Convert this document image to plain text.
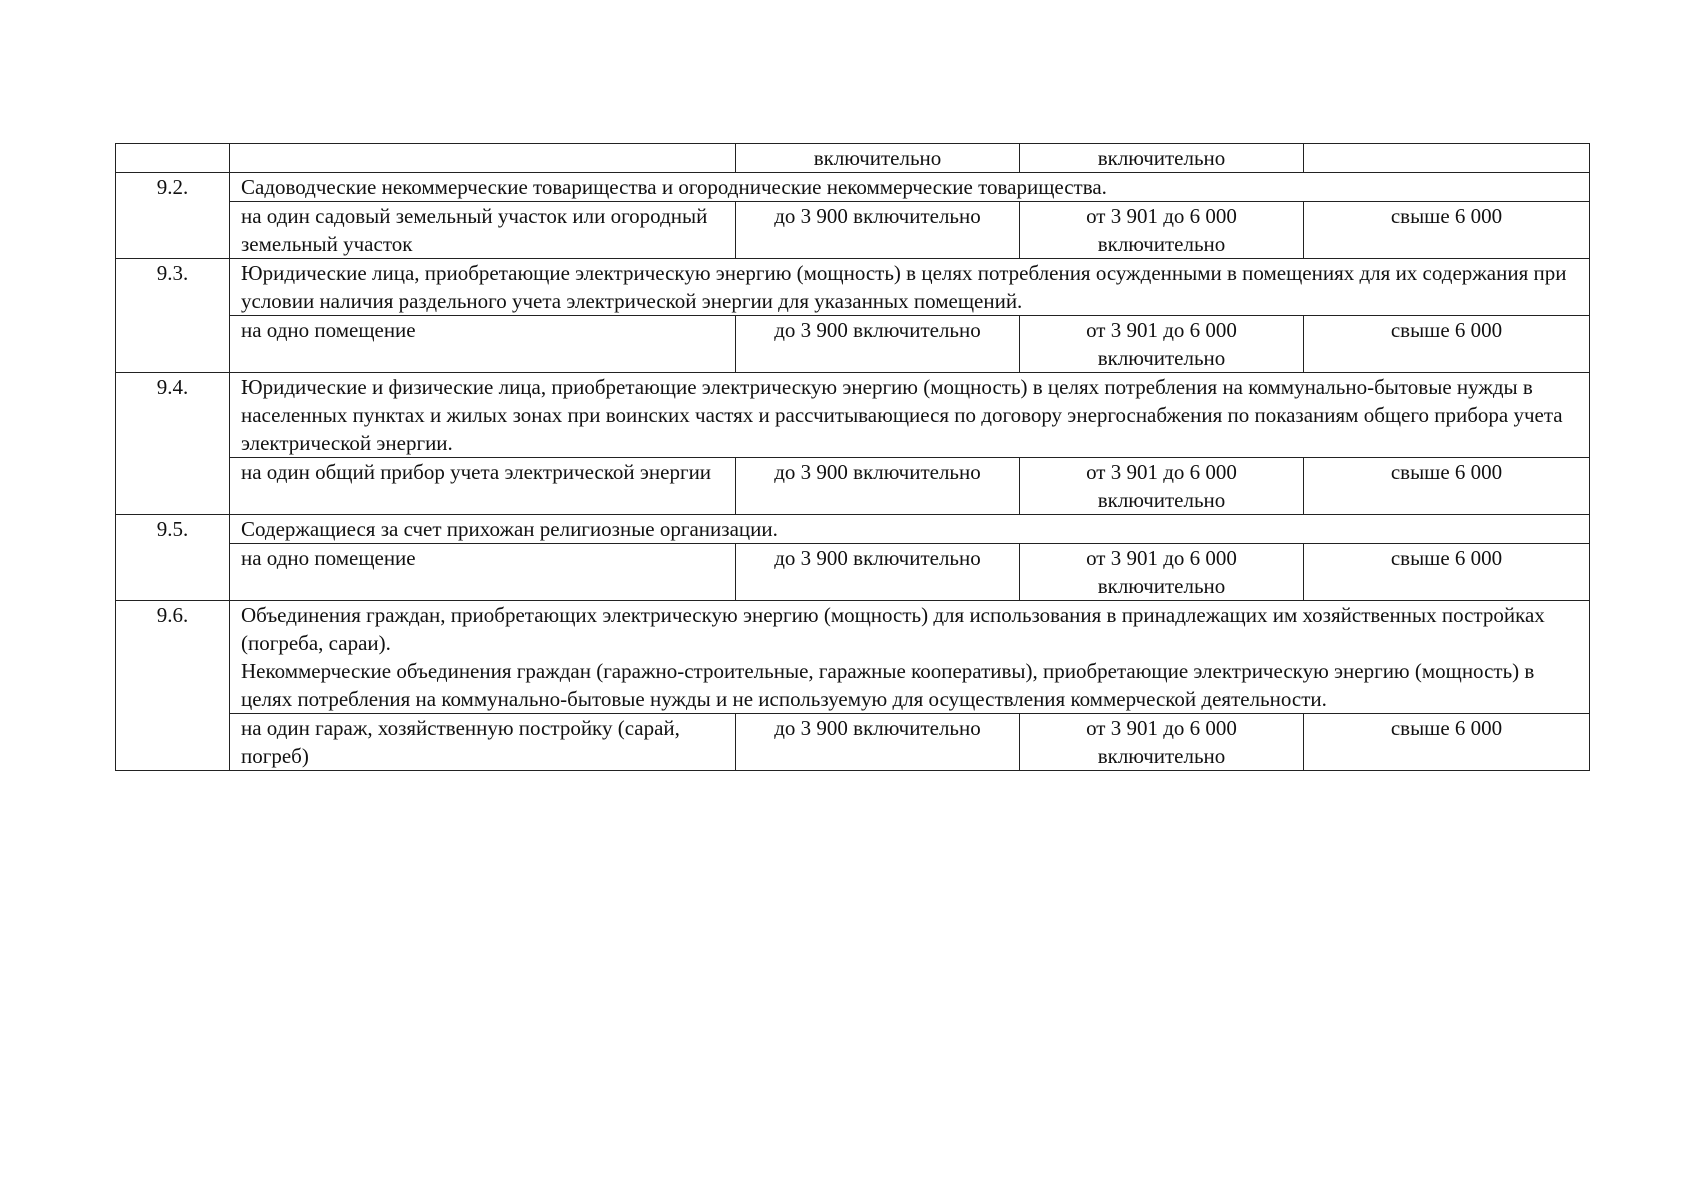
		включительно	включительно	
9.2.	Садоводческие некоммерческие товарищества и огороднические некоммерческие товарищества.			
	на один садовый земельный участок или огородный земельный участок	до 3 900 включительно	от 3 901 до 6 000 включительно	свыше 6 000
9.3.	Юридические лица, приобретающие электрическую энергию (мощность) в целях потребления осужденными в помещениях для их содержания при условии наличия раздельного учета электрической энергии для указанных помещений.			
	на одно помещение	до 3 900 включительно	от 3 901 до 6 000 включительно	свыше 6 000
9.4.	Юридические и физические лица, приобретающие электрическую энергию (мощность) в целях потребления на коммунально-бытовые нужды в населенных пунктах и жилых зонах при воинских частях и рассчитывающиеся по договору энергоснабжения по показаниям общего прибора учета электрической энергии.			
	на один общий прибор учета электрической энергии	до 3 900 включительно	от 3 901 до 6 000 включительно	свыше 6 000
9.5.	Содержащиеся за счет прихожан религиозные организации.			
	на одно помещение	до 3 900 включительно	от 3 901 до 6 000 включительно	свыше 6 000
9.6.	Объединения граждан, приобретающих электрическую энергию (мощность) для использования в принадлежащих им хозяйственных постройках (погреба, сараи).
Некоммерческие объединения граждан (гаражно-строительные, гаражные кооперативы), приобретающие электрическую энергию (мощность) в целях потребления на коммунально-бытовые нужды и не используемую для осуществления коммерческой деятельности.			

	на один гараж, хозяйственную постройку (сарай, погреб)	до 3 900 включительно	от 3 901 до 6 000 включительно	свыше 6 000
